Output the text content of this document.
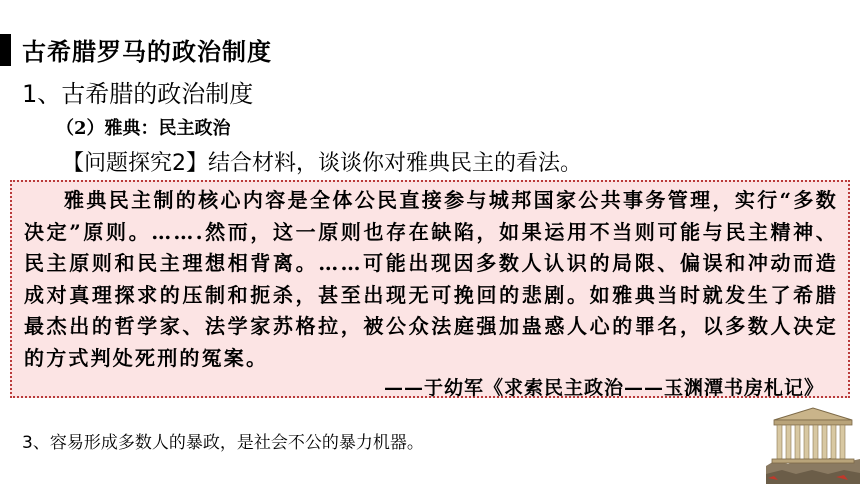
古希腊罗马的政治制度
1、古希腊的政治制度
（2）雅典：民主政治
【问题探究2】结合材料，谈谈你对雅典民主的看法。
雅典民主制的核心内容是全体公民直接参与城邦国家公共事务管理，实行“多数决定”原则。…….然而，这一原则也存在缺陷，如果运用不当则可能与民主精神、民主原则和民主理想相背离。……可能出现因多数人认识的局限、偏误和冲动而造成对真理探求的压制和扼杀，甚至出现无可挽回的悲剧。如雅典当时就发生了希腊最杰出的哲学家、法学家苏格拉，被公众法庭强加蛊惑人心的罪名，以多数人决定的方式判处死刑的冤案。
——于幼军《求索民主政治——玉渊潭书房札记》
3、容易形成多数人的暴政，是社会不公的暴力机器。
